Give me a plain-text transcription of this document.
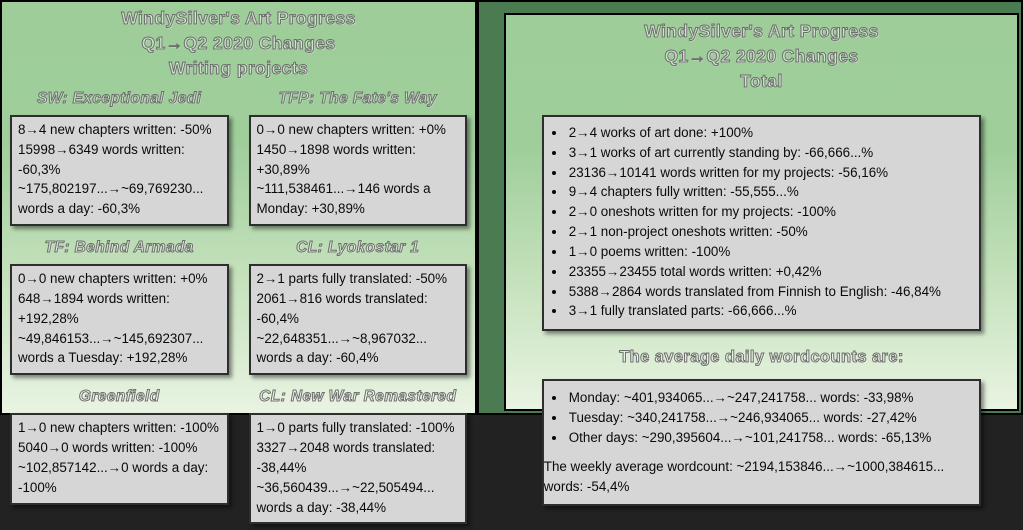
WindySilver's Art Progress
Q1→Q2 2020 Changes
Writing projects
SW: Exceptional Jedi
8→4 new chapters written: -50%
15998→6349 words written: -60,3%
~175,802197...→~69,769230... words a day: -60,3%
TFP: The Fate's Way
0→0 new chapters written: +0%
1450→1898 words written: +30,89%
~111,538461...→146 words a Monday: +30,89%
TF: Behind Armada
0→0 new chapters written: +0%
648→1894 words written: +192,28%
~49,846153...→~145,692307... words a Tuesday: +192,28%
CL: Lyokostar 1
2→1 parts fully translated: -50%
2061→816 words translated: -60,4%
~22,648351...→~8,967032... words a day: -60,4%
Greenfield
1→0 new chapters written: -100%
5040→0 words written: -100%
~102,857142...→0 words a day: -100%
CL: New War Remastered
1→0 parts fully translated: -100%
3327→2048 words translated: -38,44%
~36,560439...→~22,505494... words a day: -38,44%
WindySilver's Art Progress
Q1→Q2 2020 Changes
Total
• 2→4 works of art done: +100%
• 3→1 works of art currently standing by: -66,666...%
• 23136→10141 words written for my projects: -56,16%
• 9→4 chapters fully written: -55,555...%
• 2→0 oneshots written for my projects: -100%
• 2→1 non-project oneshots written: -50%
• 1→0 poems written: -100%
• 23355→23455 total words written: +0,42%
• 5388→2864 words translated from Finnish to English: -46,84%
• 3→1 fully translated parts: -66,666...%
The average daily wordcounts are:
• Monday: ~401,934065...→~247,241758... words: -33,98%
• Tuesday: ~340,241758...→~246,934065... words: -27,42%
• Other days: ~290,395604...→~101,241758... words: -65,13%

The weekly average wordcount: ~2194,153846...→~1000,384615... words: -54,4%
